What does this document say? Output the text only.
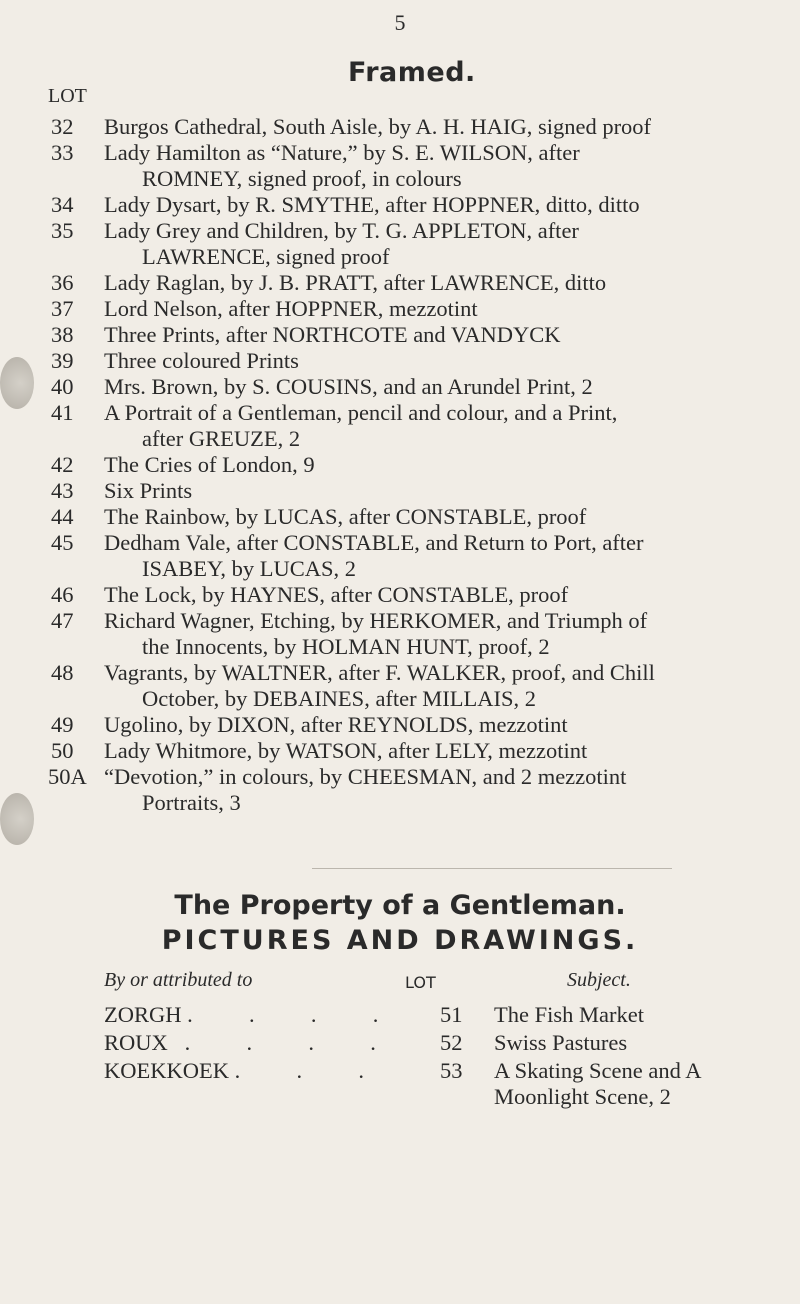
5
Framed.
LOT
32	Burgos Cathedral, South Aisle, by A. H. HAIG, signed proof
33	Lady Hamilton as “Nature,” by S. E. WILSON, after
ROMNEY, signed proof, in colours
34	Lady Dysart, by R. SMYTHE, after HOPPNER, ditto, ditto
35	Lady Grey and Children, by T. G. APPLETON, after
LAWRENCE, signed proof
36	Lady Raglan, by J. B. PRATT, after LAWRENCE, ditto
37	Lord Nelson, after HOPPNER, mezzotint
38	Three Prints, after NORTHCOTE and VANDYCK
39	Three coloured Prints
40	Mrs. Brown, by S. COUSINS, and an Arundel Print, 2
41	A Portrait of a Gentleman, pencil and colour, and a Print,
after GREUZE, 2
42	The Cries of London, 9
43	Six Prints
44	The Rainbow, by LUCAS, after CONSTABLE, proof
45	Dedham Vale, after CONSTABLE, and Return to Port, after
ISABEY, by LUCAS, 2
46	The Lock, by HAYNES, after CONSTABLE, proof
47	Richard Wagner, Etching, by HERKOMER, and Triumph of
the Innocents, by HOLMAN HUNT, proof, 2
48	Vagrants, by WALTNER, after F. WALKER, proof, and Chill
October, by DEBAINES, after MILLAIS, 2
49	Ugolino, by DIXON, after REYNOLDS, mezzotint
50	Lady Whitmore, by WATSON, after LELY, mezzotint
50A “Devotion,” in colours, by CHEESMAN, and 2 mezzotint
Portraits, 3
The Property of a Gentleman.
PICTURES AND DRAWINGS.
By or attributed to	LOT	Subject.
ZORGH .          .          .          .	51 The Fish Market
ROUX   .          .          .          .	52 Swiss Pastures
KOEKKOEK .          .          .	53 A Skating Scene and A Moonlight Scene, 2
